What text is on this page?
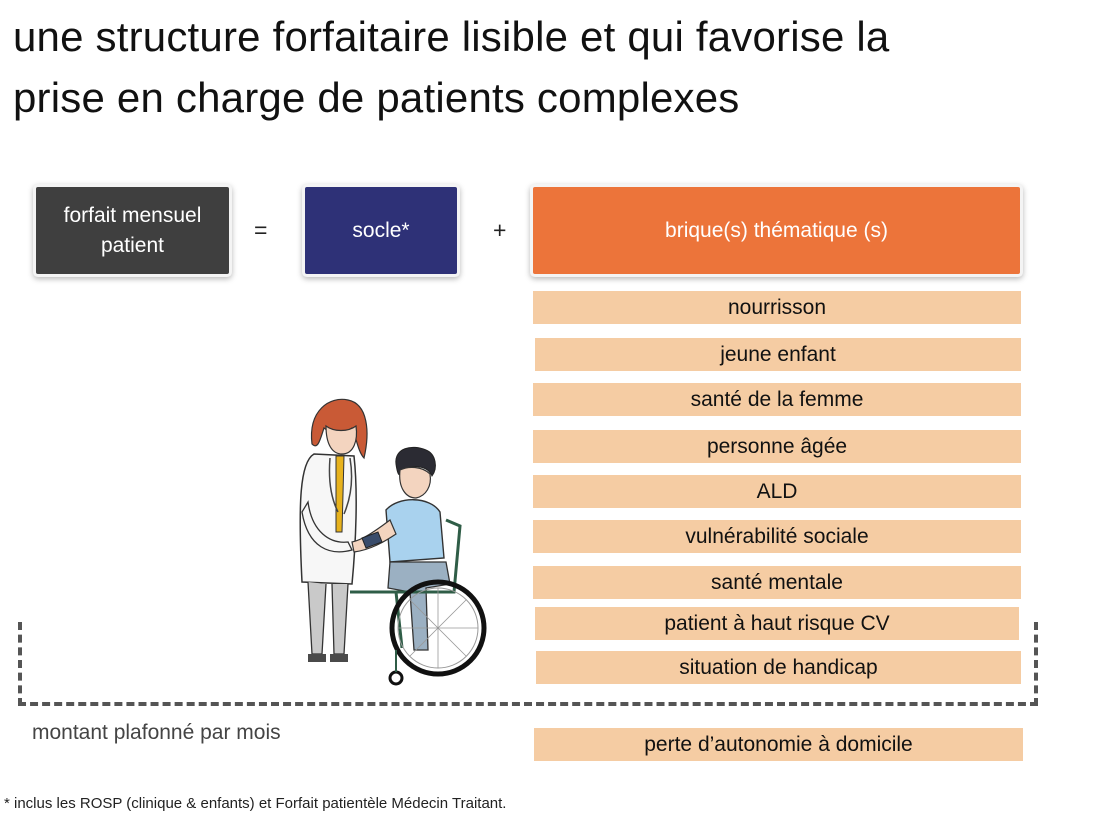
une structure forfaitaire lisible et qui favorise la
prise en charge de patients complexes
forfait mensuel
patient
=	socle*	+	brique(s) thématique (s)
nourrisson
jeune enfant
santé de la femme
personne âgée
ALD
vulnérabilité sociale
santé mentale
patient à haut risque CV
situation de handicap
perte d’autonomie à domicile
montant plafonné par mois
* inclus les ROSP (clinique & enfants) et Forfait patientèle Médecin Traitant.
